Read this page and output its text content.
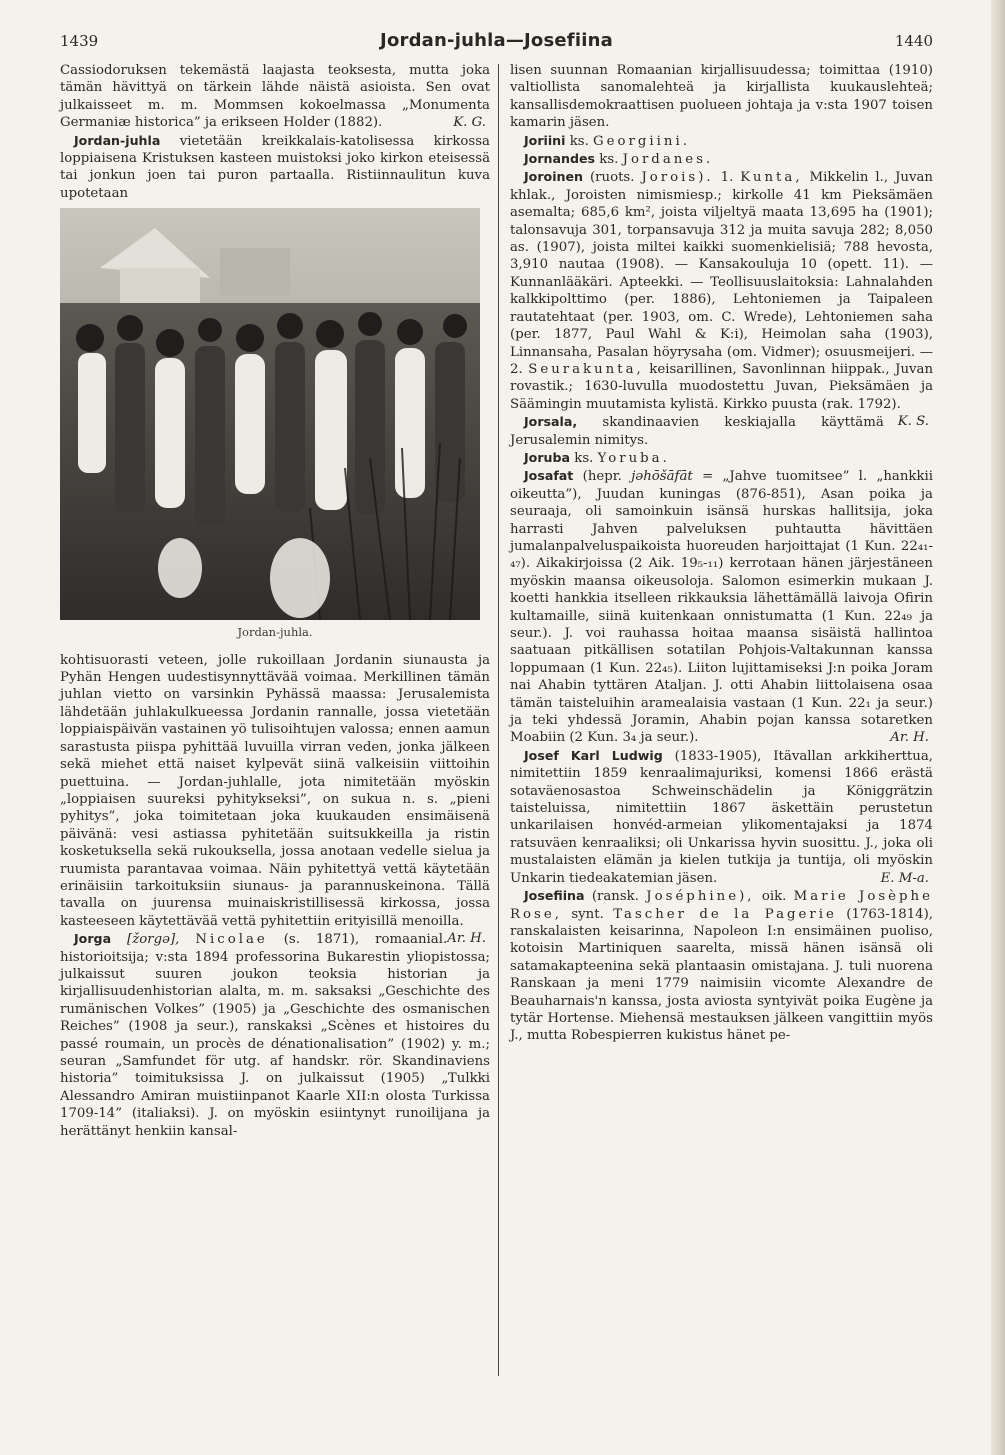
1439	Jordan-juhla—Josefiina	1440

Cassiodoruksen tekemästä laajasta teoksesta, mutta joka tämän hävittyä on tärkein lähde näistä asioista. Sen ovat julkaisseet m. m. Mommsen kokoelmassa „Monumenta Germaniæ historica” ja erikseen Holder (1882).	K. G.

Jordan-juhla vietetään kreikkalais-katolisessa kirkossa loppiaisena Kristuksen kasteen muistoksi joko kirkon eteisessä tai jonkun joen tai puron partaalla. Ristiinnaulitun kuva upotetaan

Jordan-juhla.

kohtisuorasti veteen, jolle rukoillaan Jordanin siunausta ja Pyhän Hengen uudestisynnyttävää voimaa. Merkillinen tämän juhlan vietto on varsinkin Pyhässä maassa: Jerusalemista lähdetään juhlakulkueessa Jordanin rannalle, jossa vietetään loppiaispäivän vastainen yö tulisoihtujen valossa; ennen aamun sarastusta piispa pyhittää luvuilla virran veden, jonka jälkeen sekä miehet että naiset kylpevät siinä valkeisiin viittoihin puettuina. — Jordan-juhlalle, jota nimitetään myöskin „loppiaisen suureksi pyhitykseksi”, on sukua n. s. „pieni pyhitys”, joka toimitetaan joka kuukauden ensimäisenä päivänä: vesi astiassa pyhitetään suitsukkeilla ja ristin kosketuksella sekä rukouksella, jossa anotaan vedelle sielua ja ruumista parantavaa voimaa. Näin pyhitettyä vettä käytetään erinäisiin tarkoituksiin siunaus- ja parannuskeinona. Tällä tavalla on juurensa muinaiskristillisessä kirkossa, jossa kasteeseen käytettävää vettä pyhitettiin erityisillä menoilla.
Ar. H.

Jorga [žorgə], Nicolae (s. 1871), romaanial. historioitsija; v:sta 1894 professorina Bukarestin yliopistossa; julkaissut suuren joukon teoksia historian ja kirjallisuudenhistorian alalta, m. m. saksaksi „Geschichte des rumänischen Volkes” (1905) ja „Geschichte des osmanischen Reiches” (1908 ja seur.), ranskaksi „Scènes et histoires du passé roumain, un procès de dénationalisation” (1902) y. m.; seuran „Samfundet för utg. af handskr. rör. Skandinaviens historia” toimituksissa J. on julkaissut (1905) „Tulkki Alessandro Amiran muistiinpanot Kaarle XII:n olosta Turkissa 1709-14” (italiaksi). J. on myöskin esiintynyt runoilijana ja herättänyt henkiin kansal-

lisen suunnan Romaanian kirjallisuudessa; toimittaa (1910) valtiollista sanomalehteä ja kirjallista kuukauslehteä; kansallisdemokraattisen puolueen johtaja ja v:sta 1907 toisen kamarin jäsen.

Joriini ks. Georgiini.

Jornandes ks. Jordanes.

Joroinen (ruots. Jorois). 1. Kunta, Mikkelin l., Juvan khlak., Joroisten nimismiesp.; kirkolle 41 km Pieksämäen asemalta; 685,6 km², joista viljeltyä maata 13,695 ha (1901); talonsavuja 301, torpansavuja 312 ja muita savuja 282; 8,050 as. (1907), joista miltei kaikki suomenkielisiä; 788 hevosta, 3,910 nautaa (1908). — Kansakouluja 10 (opett. 11). — Kunnanlääkäri. Apteekki. — Teollisuuslaitoksia: Lahnalahden kalkkipolttimo (per. 1886), Lehtoniemen ja Taipaleen rautatehtaat (per. 1903, om. C. Wrede), Lehtoniemen saha (per. 1877, Paul Wahl & K:i), Heimolan saha (1903), Linnansaha, Pasalan höyrysaha (om. Vidmer); osuusmeijeri. — 2. Seurakunta, keisarillinen, Savonlinnan hiippak., Juvan rovastik.; 1630-luvulla muodostettu Juvan, Pieksämäen ja Säämingin muutamista kylistä. Kirkko puusta (rak. 1792).
K. S.

Jorsala, skandinaavien keskiajalla käyttämä Jerusalemin nimitys.

Joruba ks. Yoruba.

Josafat (hepr. jəhōšāfāt = „Jahve tuomitsee” l. „hankkii oikeutta”), Juudan kuningas (876-851), Asan poika ja seuraaja, oli samoinkuin isänsä hurskas hallitsija, joka harrasti Jahven palveluksen puhtautta hävittäen jumalanpalveluspaikoista huoreuden harjoittajat (1 Kun. 22₄₁-₄₇). Aikakirjoissa (2 Aik. 19₅-₁₁) kerrotaan hänen järjestäneen myöskin maansa oikeusoloja. Salomon esimerkin mukaan J. koetti hankkia itselleen rikkauksia lähettämällä laivoja Ofirin kultamaille, siinä kuitenkaan onnistumatta (1 Kun. 22₄₉ ja seur.). J. voi rauhassa hoitaa maansa sisäistä hallintoa saatuaan pitkällisen sotatilan Pohjois-Valtakunnan kanssa loppumaan (1 Kun. 22₄₅). Liiton lujittamiseksi J:n poika Joram nai Ahabin tyttären Ataljan. J. otti Ahabin liittolaisena osaa tämän taisteluihin aramealaisia vastaan (1 Kun. 22₁ ja seur.) ja teki yhdessä Joramin, Ahabin pojan kanssa sotaretken Moabiin (2 Kun. 3₄ ja seur.).	Ar. H.

Josef Karl Ludwig (1833-1905), Itävallan arkkiherttua, nimitettiin 1859 kenraalimajuriksi, komensi 1866 erästä sotaväenosastoa Schweinschädelin ja Königgrätzin taisteluissa, nimitettiin 1867 äskettäin perustetun unkarilaisen honvéd-armeian ylikomentajaksi ja 1874 ratsuväen kenraaliksi; oli Unkarissa hyvin suosittu. J., joka oli mustalaisten elämän ja kielen tutkija ja tuntija, oli myöskin Unkarin tiedeakatemian jäsen.	E. M-a.

Josefiina (ransk. Joséphine), oik. Marie Josèphe Rose, synt. Tascher de la Pagerie (1763-1814), ranskalaisten keisarinna, Napoleon I:n ensimäinen puoliso, kotoisin Martiniquen saarelta, missä hänen isänsä oli satamakapteenina sekä plantaasin omistajana. J. tuli nuorena Ranskaan ja meni 1779 naimisiin vicomte Alexandre de Beauharnais'n kanssa, josta aviosta syntyivät poika Eugène ja tytär Hortense. Miehensä mestauksen jälkeen vangittiin myös J., mutta Robespierren kukistus hänet pe-
